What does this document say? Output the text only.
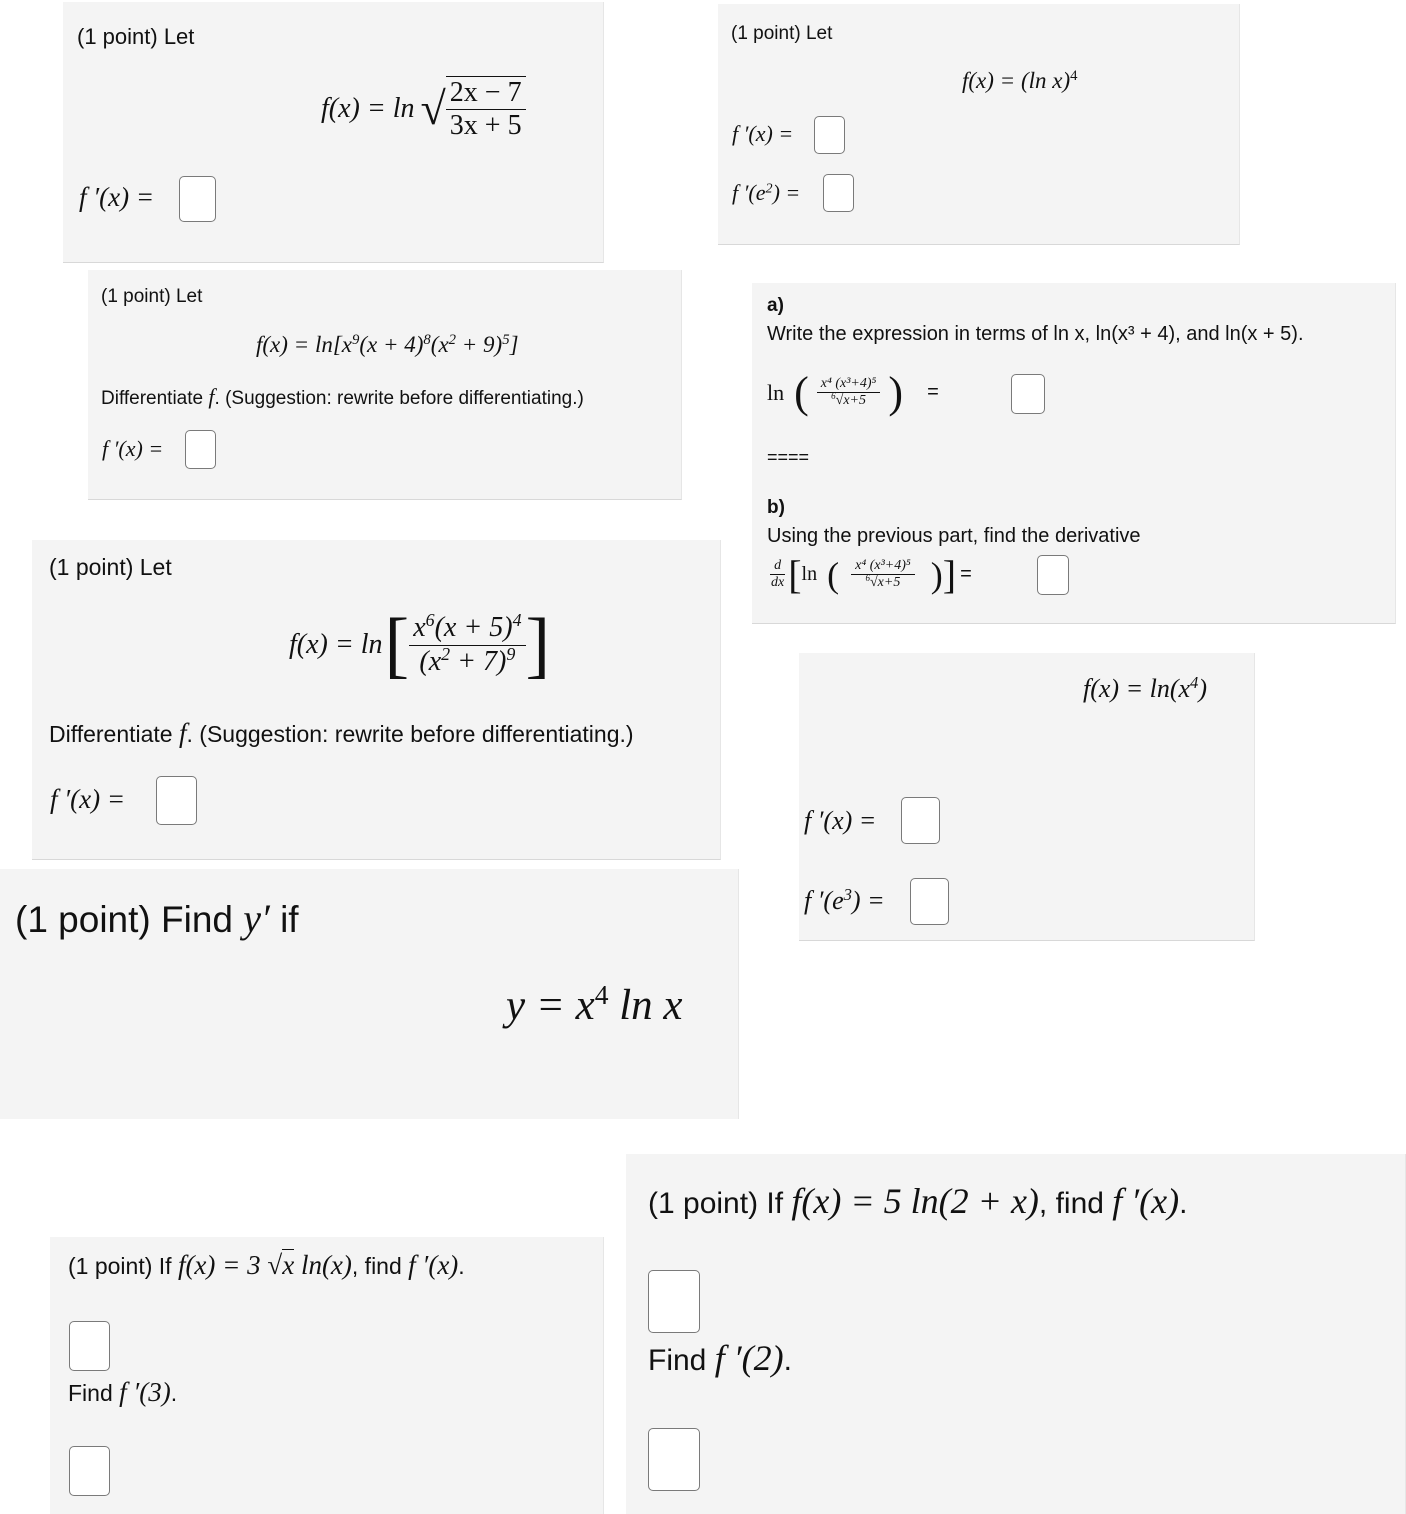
(1 point) Let
f(x) = ln √ $\frac{2x - 7}{3x + 5}$
f ′(x) =
(1 point) Let
f(x) = (ln x)$^4$
f ′(x) =
f $'(e^2)$ =
(1 point) Let
$f(x) = \ln[x^9(x + 4)^8(x^2 + 9)^5]$
Differentiate f. (Suggestion: rewrite before differentiating.)
f ′(x) =
a)
Write the expression in terms of ln x, ln(x³ + 4), and ln(x + 5).
ln ( $\frac{\text{x⁴ (x³+4)⁵}}{^6√x+5}$ ) =
====
b)
Using the previous part, find the derivative
$\frac{d}{dx}$ [ ln ( $\frac{\text{x⁴ (x³+4)⁵}}{^6√x+5}$ ) ] =
(1 point) Let
f(x) = ln [ $\frac{x^6(x + 5)^4}{(x^2 + 7)^9}$ ]
Differentiate f. (Suggestion: rewrite before differentiating.)
f ′(x) =
$f(x) = \ln(x^4)$
f ′(x) =
f $'(e^3)$ =
(1 point) Find y′ if
$y = x^4$ ln x
(1 point) If f(x) = 3 √x ln(x), find f ′(x).
Find f ′(3).
(1 point) If f(x) = 5 ln(2 + x), find f ′(x).
Find f ′(2).
